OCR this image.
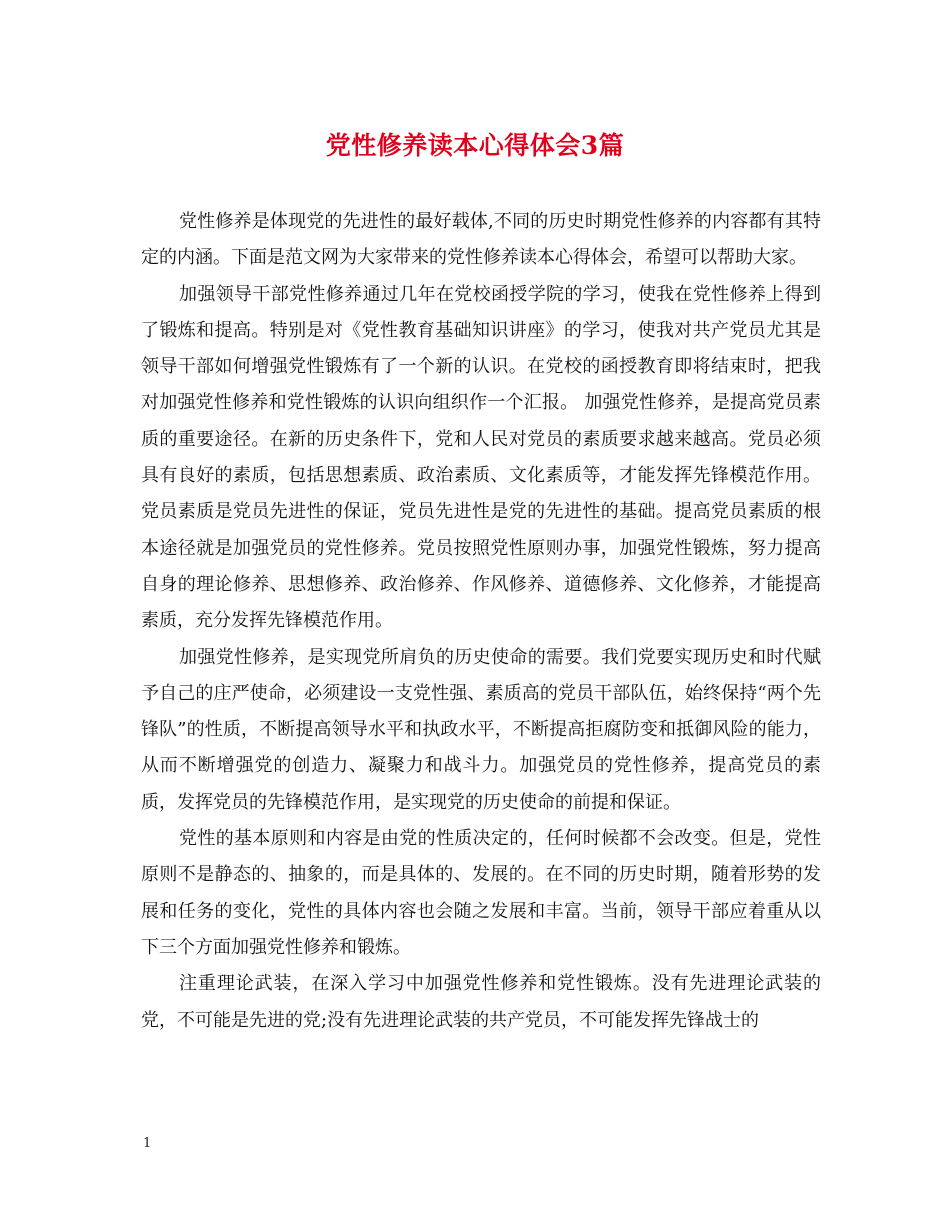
党性修养读本心得体会3篇

党性修养是体现党的先进性的最好载体,不同的历史时期党性修养的内容都有其特定的内涵。下面是范文网为大家带来的党性修养读本心得体会，希望可以帮助大家。

加强领导干部党性修养通过几年在党校函授学院的学习，使我在党性修养上得到了锻炼和提高。特别是对《党性教育基础知识讲座》的学习，使我对共产党员尤其是领导干部如何增强党性锻炼有了一个新的认识。在党校的函授教育即将结束时，把我对加强党性修养和党性锻炼的认识向组织作一个汇报。 加强党性修养，是提高党员素质的重要途径。在新的历史条件下，党和人民对党员的素质要求越来越高。党员必须具有良好的素质，包括思想素质、政治素质、文化素质等，才能发挥先锋模范作用。党员素质是党员先进性的保证，党员先进性是党的先进性的基础。提高党员素质的根本途径就是加强党员的党性修养。党员按照党性原则办事，加强党性锻炼，努力提高自身的理论修养、思想修养、政治修养、作风修养、道德修养、文化修养，才能提高素质，充分发挥先锋模范作用。

加强党性修养，是实现党所肩负的历史使命的需要。我们党要实现历史和时代赋予自己的庄严使命，必须建设一支党性强、素质高的党员干部队伍，始终保持“两个先锋队”的性质，不断提高领导水平和执政水平，不断提高拒腐防变和抵御风险的能力，从而不断增强党的创造力、凝聚力和战斗力。加强党员的党性修养，提高党员的素质，发挥党员的先锋模范作用，是实现党的历史使命的前提和保证。

党性的基本原则和内容是由党的性质决定的，任何时候都不会改变。但是，党性原则不是静态的、抽象的，而是具体的、发展的。在不同的历史时期，随着形势的发展和任务的变化，党性的具体内容也会随之发展和丰富。当前，领导干部应着重从以下三个方面加强党性修养和锻炼。

注重理论武装，在深入学习中加强党性修养和党性锻炼。没有先进理论武装的党，不可能是先进的党;没有先进理论武装的共产党员，不可能发挥先锋战士的

1
